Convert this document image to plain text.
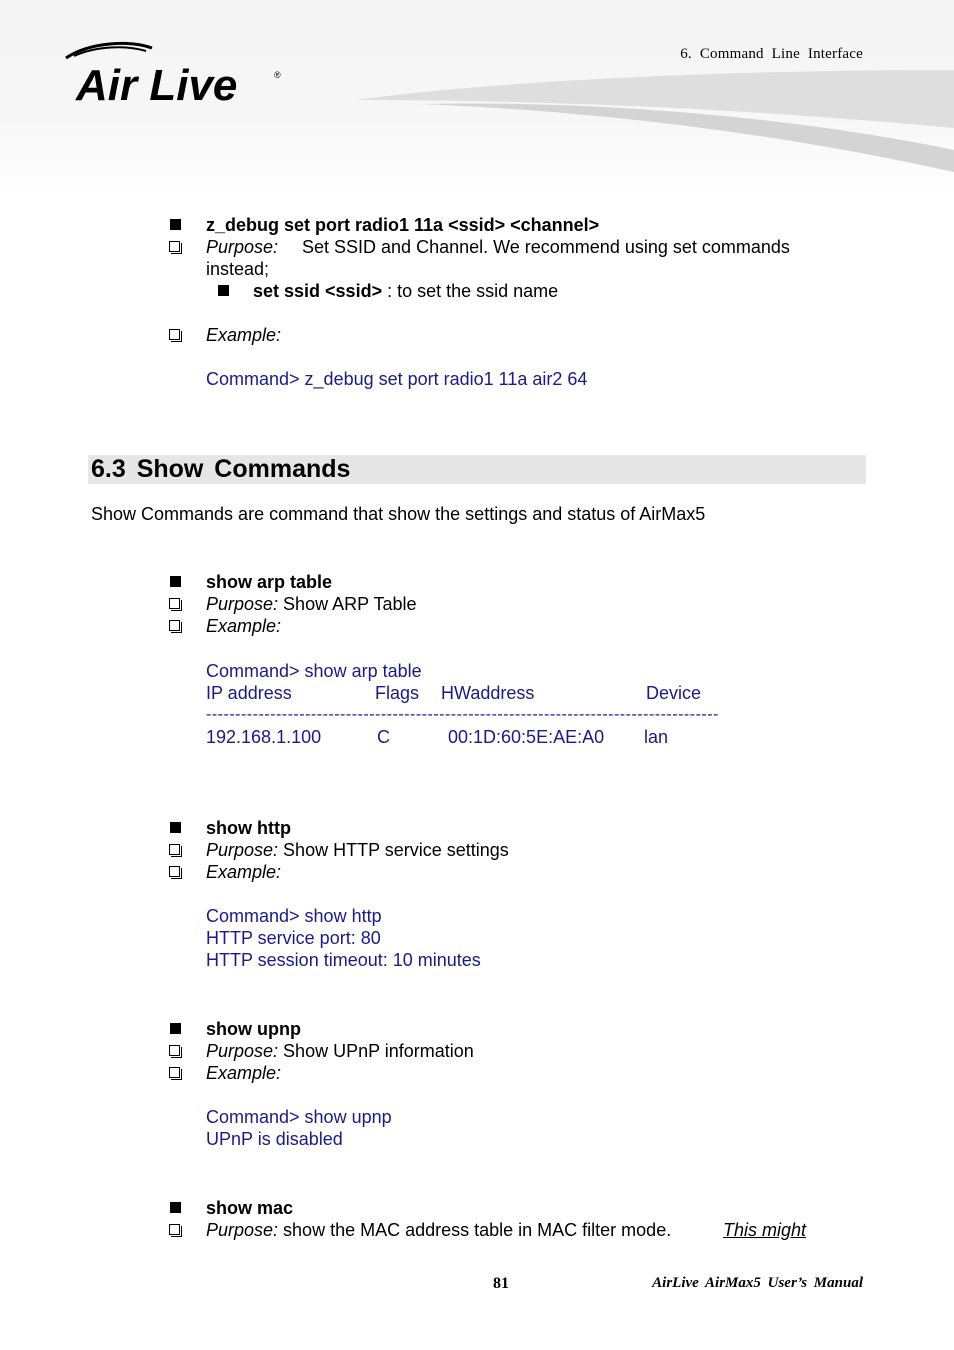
Air Live	®
6. Command Line Interface
z_debug set port radio1 11a <ssid> <channel>
Purpose: Set SSID and Channel. We recommend using set commands
instead;
set ssid <ssid> : to set the ssid name
Example:
Command> z_debug set port radio1 11a air2 64
6.3 Show Commands
Show Commands are command that show the settings and status of AirMax5
show arp table
Purpose: Show ARP Table
Example:
Command> show arp table
IP address	Flags HWaddress	Device
----------------------------------------------------------------------------------------
192.168.1.100	C	00:1D:60:5E:AE:A0 lan
show http
Purpose: Show HTTP service settings
Example:
Command> show http
HTTP service port: 80
HTTP session timeout: 10 minutes
show upnp
Purpose: Show UPnP information
Example:
Command> show upnp
UPnP is disabled
show mac
Purpose: show the MAC address table in MAC filter mode.	This might
81	AirLive AirMax5 User’s Manual
